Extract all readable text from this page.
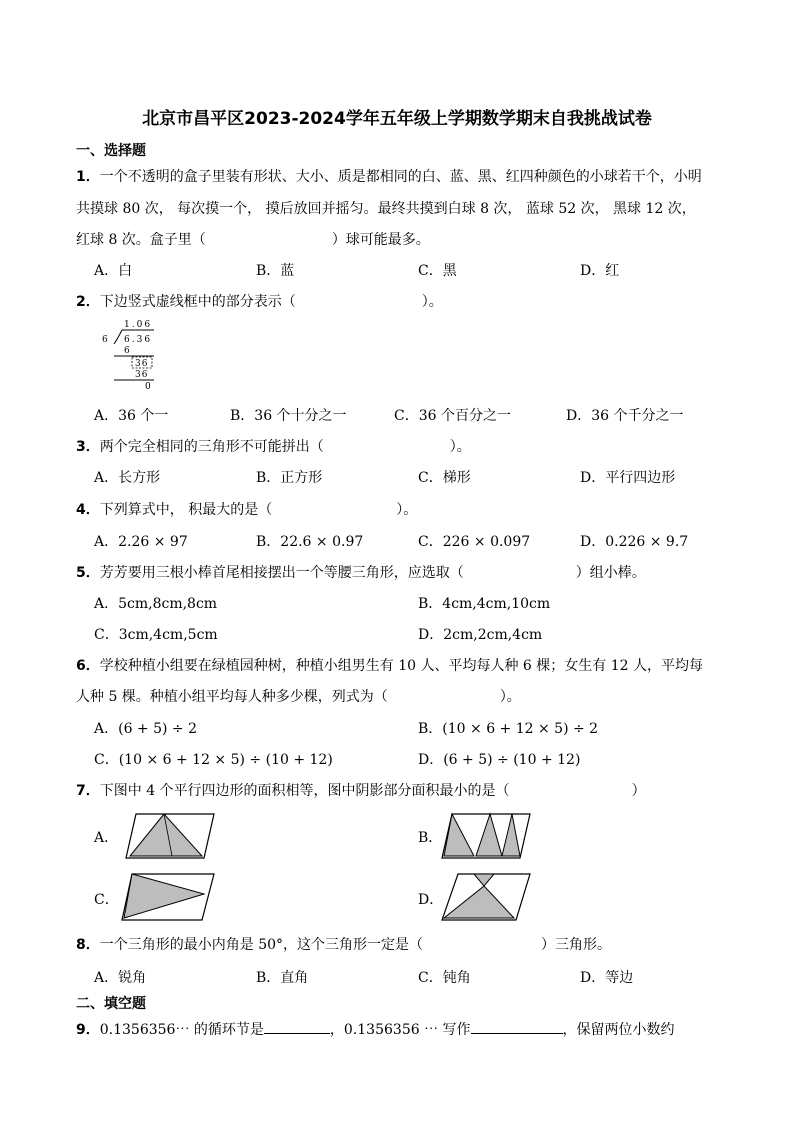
北京市昌平区2023-2024学年五年级上学期数学期末自我挑战试卷
一、选择题
1．一个不透明的盒子里装有形状、大小、质是都相同的白、蓝、黑、红四种颜色的小球若干个，小明
共摸球 80 次， 每次摸一个， 摸后放回并摇匀。最终共摸到白球 8 次， 蓝球 52 次， 黑球 12 次，
红球 8 次。盒子里（	）球可能最多。
A．白	B．蓝	C．黑	D．红
2．下边竖式虚线框中的部分表示（	）。
1.06
6 6.36
6
36
36
0
A．36 个一	B．36 个十分之一	C．36 个百分之一	D．36 个千分之一
3．两个完全相同的三角形不可能拼出（	）。
A．长方形	B．正方形	C．梯形	D．平行四边形
4．下列算式中， 积最大的是（	）。
A．2.26 × 97	B．22.6 × 0.97	C．226 × 0.097	D．0.226 × 9.7
5．芳芳要用三根小棒首尾相接摆出一个等腰三角形，应选取（	）组小棒。
A．5cm,8cm,8cm	B．4cm,4cm,10cm
C．3cm,4cm,5cm	D．2cm,2cm,4cm
6．学校种植小组要在绿植园种树，种植小组男生有 10 人、平均每人种 6 棵；女生有 12 人，平均每
人种 5 棵。种植小组平均每人种多少棵，列式为（	）。
A．(6 + 5) ÷ 2	B．(10 × 6 + 12 × 5) ÷ 2
C．(10 × 6 + 12 × 5) ÷ (10 + 12)	D．(6 + 5) ÷ (10 + 12)
7．下图中 4 个平行四边形的面积相等，图中阴影部分面积最小的是（	）
A．	B．
C．	D．
8．一个三角形的最小内角是 50°，这个三角形一定是（	）三角形。
A．锐角	B．直角	C．钝角	D．等边
二、填空题
9．0.1356356⋯ 的循环节是	，0.1356356 ⋯ 写作	，保留两位小数约
